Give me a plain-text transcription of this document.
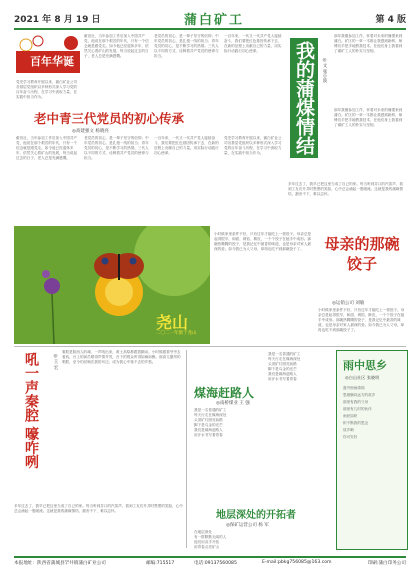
2021 年 8 月 19 日	蒲白矿工	第 4 版
百年华诞
党史学习教育开展以来，蒲白矿业公司各基层党组织以多种形式深入学习党的百年奋斗历程，在学习中汲取力量，在实践中担当作为。
翟田社，当年参加工作后加入中国共产党，他说在那个艰苦的年代，只有一个信念就是跟党走。如今他已经退休多年，依然关心着矿山的发展，每当说起过去的日子，老人总是充满感慨。
老党员的初心，是一辈子坚守的信仰；中年党员的初心，是扎根一线的担当；青年党员的初心，是不断学习的热情。三代人以不同的方式，诠释着共产党员的使命与担当。
一百年来，一代又一代共产党人接续奋斗，我们要把红色基因传承下去，在新的征程上贡献自己的力量，用实际行动践行初心使命。
老中青三代党员的初心传承
◎高建强文 杨晓亮
翟田社，当年参加工作后加入中国共产党，他说在那个艰苦的年代，只有一个信念就是跟党走。如今他已经退休多年，依然关心着矿山的发展，每当说起过去的日子，老人总是充满感慨。
老党员的初心，是一辈子坚守的信仰；中年党员的初心，是扎根一线的担当；青年党员的初心，是不断学习的热情。三代人以不同的方式，诠释着共产党员的使命与担当。
一百年来，一代又一代共产党人接续奋斗，我们要把红色基因传承下去，在新的征程上贡献自己的力量，用实际行动践行初心使命。
党史学习教育开展以来，蒲白矿业公司各基层党组织以多种形式深入学习党的百年奋斗历程，在学习中汲取力量，在实践中担当作为。	我的蒲煤情结	◎文 张小波
那年我刚参加工作，怀着对未来的憧憬来到蒲白。矿区的一草一木都让我感到新鲜，师傅们手把手地教我技术，在他们身上我看到了煤矿工人的朴实与坚韧。
多年过去了，我早已把这里当成了自己的家。每当听到井口的汽笛声，看到工友们升井时黑黑的笑脸，心中总会涌起一股暖流。这就是我的蒲煤情结，割舍不下，难以忘怀。
那年我刚参加工作，怀着对未来的憧憬来到蒲白。矿区的一草一木都让我感到新鲜，师傅们手把手地教我技术，在他们身上我看到了煤矿工人的朴实与坚韧。
尧山
二〇二一年摄于尧山
小时候家里条件不好，只有过年才能吃上一顿饺子。母亲总是起得很早，和面、剁馅、擀皮，一个个饺子在她手中成形。那碗热腾腾的饺子，是我记忆中最香的味道，也是母亲对家人最深的爱。如今我已为人父母，却再也吃不到那碗饺子了。	母亲的那碗饺子
◎运销公司 刘敏
小时候家里条件不好，只有过年才能吃上一顿饺子。母亲总是起得很早，和面、剁馅、擀皮，一个个饺子在她手中成形。那碗热腾腾的饺子，是我记忆中最香的味道，也是母亲对家人最深的爱。如今我已为人父母，却再也吃不到那碗饺子了。
吼一声秦腔 嚎咋咧	◎王 宏
秦腔是陕西人的魂，一声吼出来，黄土高原都跟着颤动。小时候跟着爷爷去看戏，台上的演员唱得声情并茂，台下的观众听得如痴如醉。那高亢激昂的唱腔，至今仍回响在我的耳边，成为我心中抹不去的乡愁。
多年过去了，我早已把这里当成了自己的家。每当听到井口的汽笛声，看到工友们升井时黑黑的笑脸，心中总会涌起一股暖流。这就是我的蒲煤情结，割舍不下，难以忘怀。
煤海赶路人
◎南桥煤业 王 强
我是一名普通的矿工
每天行走在煤海深处
头顶矿灯照亮前路
脚下是乌金的光芒
我们是煤海赶路人
用汗水书写着青春
我是一名普通的矿工
每天行走在煤海深处
头顶矿灯照亮前路
脚下是乌金的光芒
我们是煤海赶路人
用汗水书写着青春
地层深处的开拓者
◎保矿运营公司 杨 军
在地层深处
有一群默默无闻的人
他们用双手开拓
用青春点亮矿山
雨中思乡
◎白山社区 张晓明
窗外细雨绵绵
思绪飘向远方的故乡
那里有我的父母
那里有儿时的伙伴
雨丝如织
织不断我的思念
故乡啊
你可安好
本报地址：陕西省蒲城县罕井镇蒲白矿业公司	邮编:715517	电话:09137560085	E-mail:pbkg756085@163.com	印刷:蒲白印务公司
